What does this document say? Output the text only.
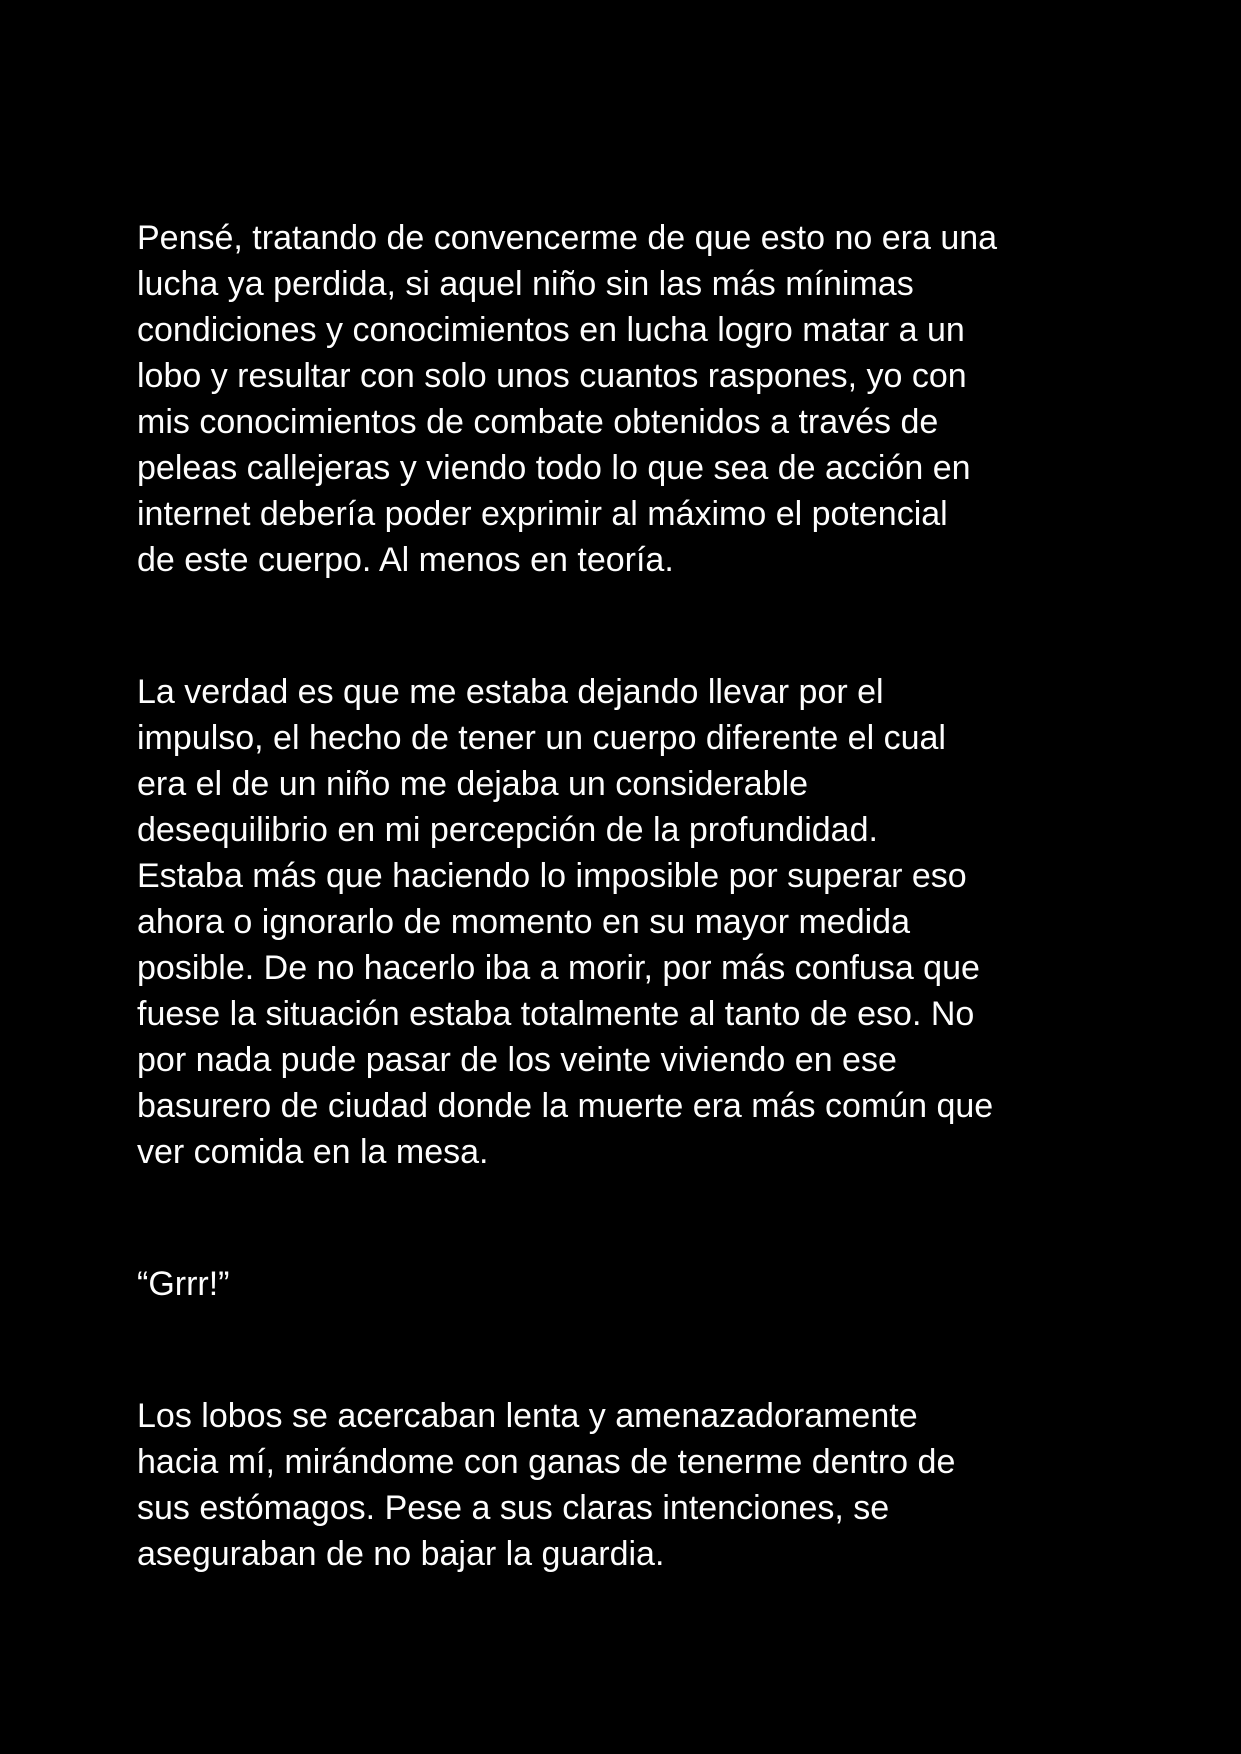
Pensé, tratando de convencerme de que esto no era una
lucha ya perdida, si aquel niño sin las más mínimas
condiciones y conocimientos en lucha logro matar a un
lobo y resultar con solo unos cuantos raspones, yo con
mis conocimientos de combate obtenidos a través de
peleas callejeras y viendo todo lo que sea de acción en
internet debería poder exprimir al máximo el potencial
de este cuerpo. Al menos en teoría.

La verdad es que me estaba dejando llevar por el
impulso, el hecho de tener un cuerpo diferente el cual
era el de un niño me dejaba un considerable
desequilibrio en mi percepción de la profundidad.
Estaba más que haciendo lo imposible por superar eso
ahora o ignorarlo de momento en su mayor medida
posible. De no hacerlo iba a morir, por más confusa que
fuese la situación estaba totalmente al tanto de eso. No
por nada pude pasar de los veinte viviendo en ese
basurero de ciudad donde la muerte era más común que
ver comida en la mesa.

“Grrr!”

Los lobos se acercaban lenta y amenazadoramente
hacia mí, mirándome con ganas de tenerme dentro de
sus estómagos. Pese a sus claras intenciones, se
aseguraban de no bajar la guardia.
